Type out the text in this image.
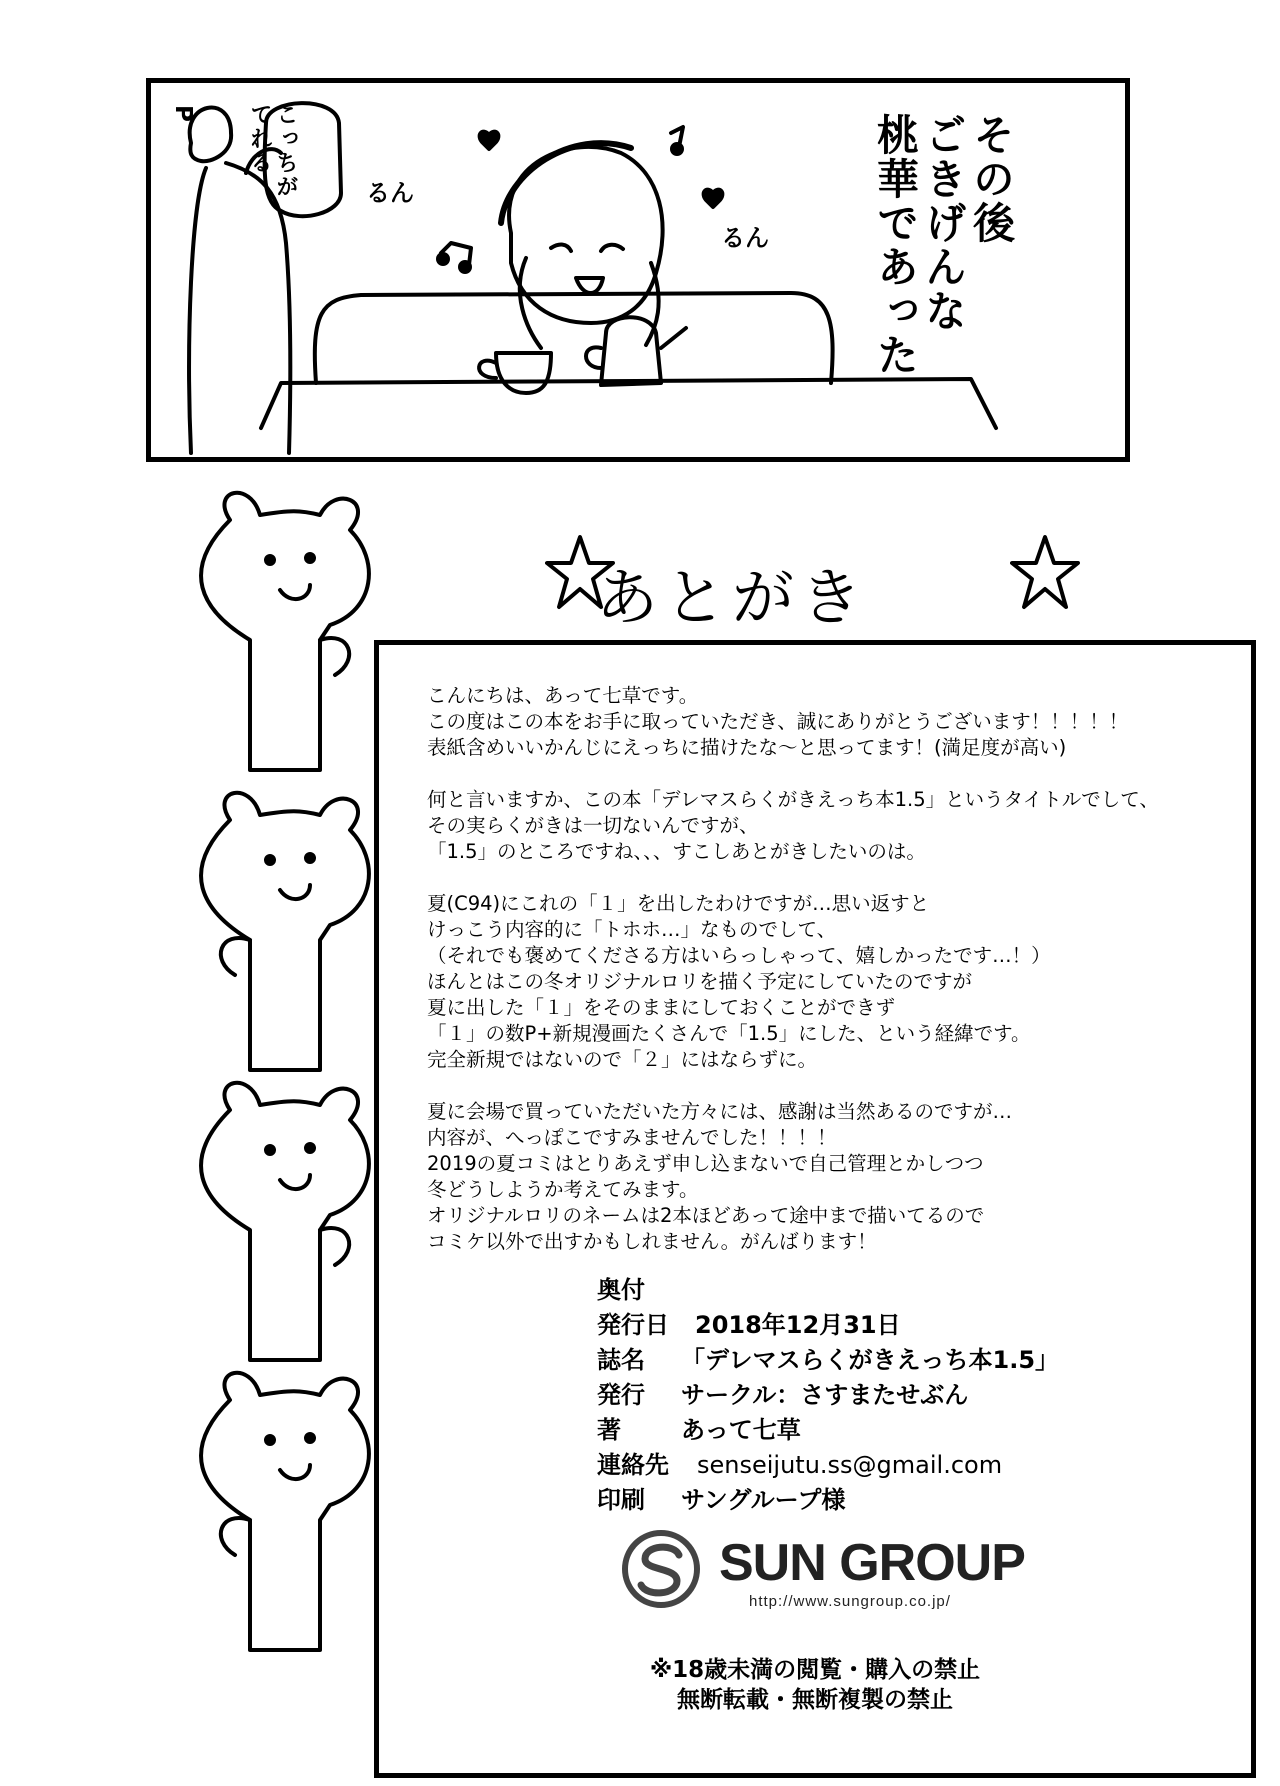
P	こっちが
てれる
るん
るん	その後
ごきげんな
桃華であった
あとがき

こんにちは、あって七草です。
この度はこの本をお手に取っていただき、誠にありがとうございます！！！！！
表紙含めいいかんじにえっちに描けたな～と思ってます！(満足度が高い)

何と言いますか、この本「デレマスらくがきえっち本1.5」というタイトルでして、
その実らくがきは一切ないんですが、
「1.5」のところですね、、、すこしあとがきしたいのは。

夏(C94)にこれの「１」を出したわけですが…思い返すと
けっこう内容的に「トホホ…」なものでして、
（それでも褒めてくださる方はいらっしゃって、嬉しかったです…！）
ほんとはこの冬オリジナルロリを描く予定にしていたのですが
夏に出した「１」をそのままにしておくことができず
「１」の数P+新規漫画たくさんで「1.5」にした、という経緯です。
完全新規ではないので「２」にはならずに。

夏に会場で買っていただいた方々には、感謝は当然あるのですが…
内容が、へっぽこですみませんでした！！！！
2019の夏コミはとりあえず申し込まないで自己管理とかしつつ
冬どうしようか考えてみます。
オリジナルロリのネームは2本ほどあって途中まで描いてるので
コミケ以外で出すかもしれません。がんばります！

奥付
発行日	2018年12月31日
誌名	「デレマスらくがきえっち本1.5」
発行	サークル：さすまたせぶん
著	あって七草
連絡先	senseijutu.ss@gmail.com
印刷	サングループ様
SUN GROUP
http://www.sungroup.co.jp/
※18歳未満の閲覧・購入の禁止
無断転載・無断複製の禁止
